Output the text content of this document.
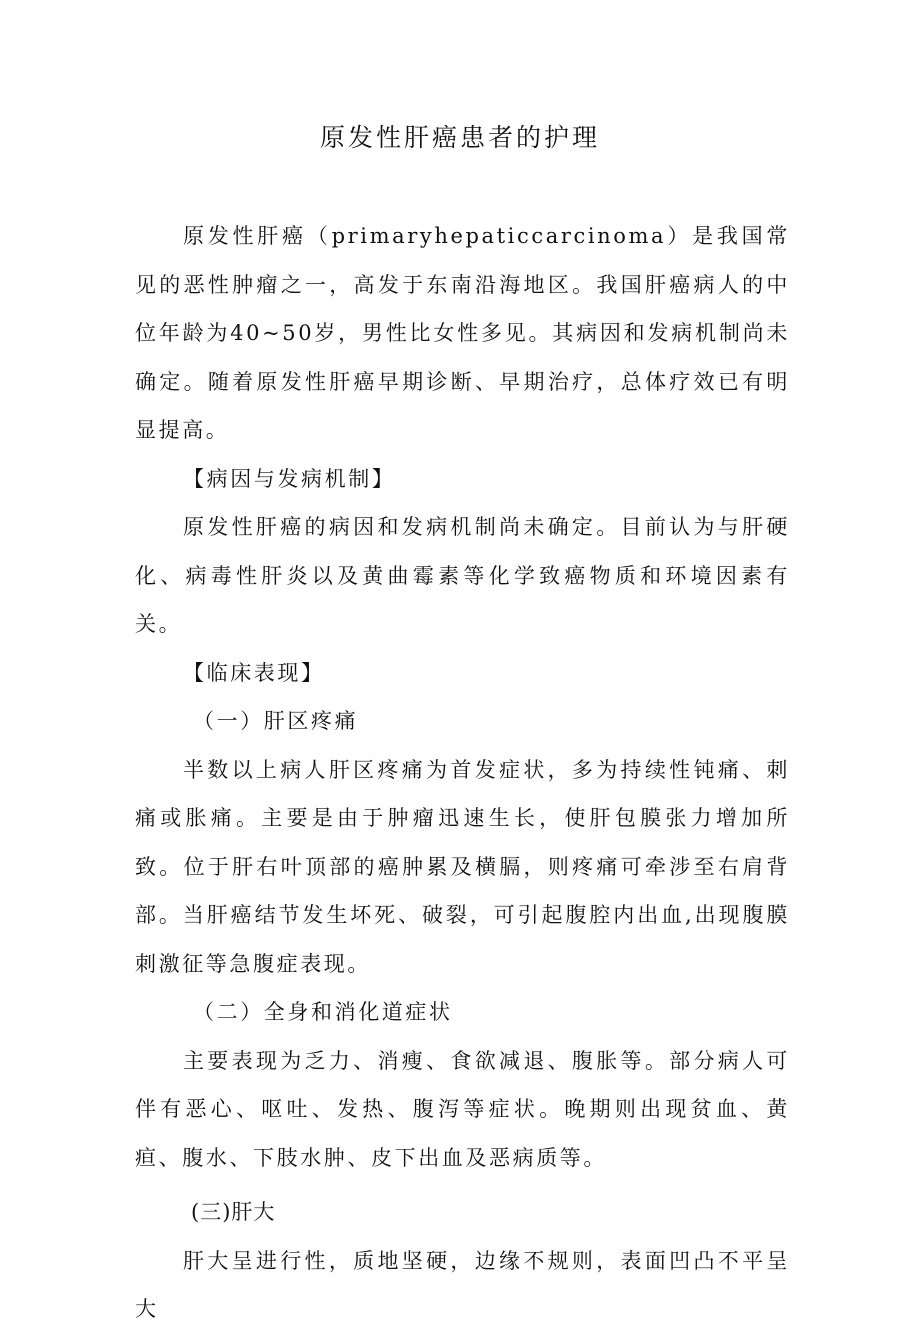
原发性肝癌患者的护理

原发性肝癌（primaryhepaticcarcinoma）是我国常见的恶性肿瘤之一，高发于东南沿海地区。我国肝癌病人的中位年龄为40~50岁，男性比女性多见。其病因和发病机制尚未确定。随着原发性肝癌早期诊断、早期治疗，总体疗效已有明显提高。

【病因与发病机制】

原发性肝癌的病因和发病机制尚未确定。目前认为与肝硬化、病毒性肝炎以及黄曲霉素等化学致癌物质和环境因素有关。

【临床表现】

（一）肝区疼痛

半数以上病人肝区疼痛为首发症状，多为持续性钝痛、刺痛或胀痛。主要是由于肿瘤迅速生长，使肝包膜张力增加所致。位于肝右叶顶部的癌肿累及横膈，则疼痛可牵涉至右肩背部。当肝癌结节发生坏死、破裂，可引起腹腔内出血,出现腹膜刺激征等急腹症表现。

（二）全身和消化道症状

主要表现为乏力、消瘦、食欲减退、腹胀等。部分病人可伴有恶心、呕吐、发热、腹泻等症状。晚期则出现贫血、黄疸、腹水、下肢水肿、皮下出血及恶病质等。

(三)肝大

肝大呈进行性，质地坚硬，边缘不规则，表面凹凸不平呈大
